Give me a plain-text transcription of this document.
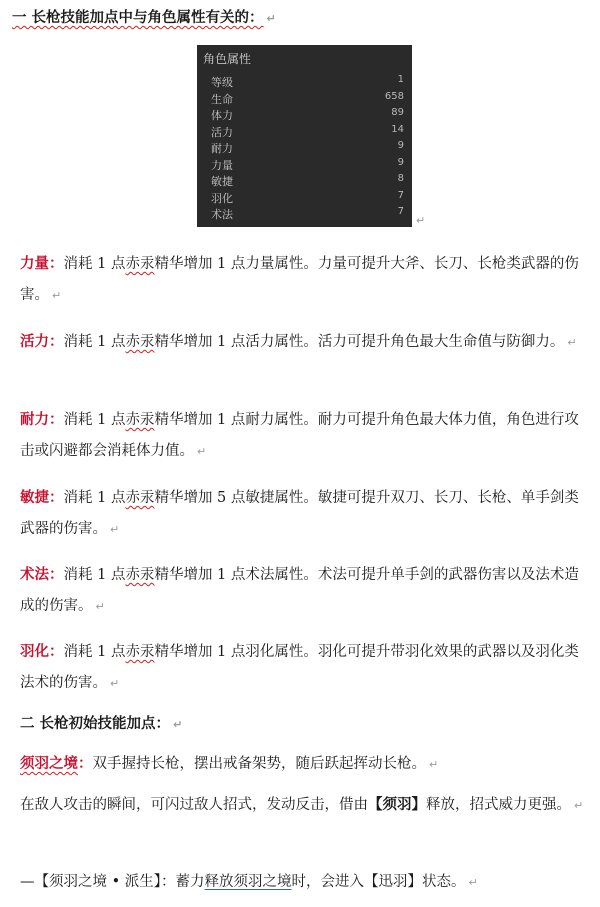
一 长枪技能加点中与角色属性有关的： ↵
角色属性
等级	1
生命	658
体力	89
活力	14
耐力	9
力量	9
敏捷	8
羽化	7
术法	7
↵
力量：消耗 1 点赤汞精华增加 1 点力量属性。力量可提升大斧、长刀、长枪类武器的伤害。 ↵
活力：消耗 1 点赤汞精华增加 1 点活力属性。活力可提升角色最大生命值与防御力。 ↵
耐力：消耗 1 点赤汞精华增加 1 点耐力属性。耐力可提升角色最大体力值，角色进行攻击或闪避都会消耗体力值。 ↵
敏捷：消耗 1 点赤汞精华增加 5 点敏捷属性。敏捷可提升双刀、长刀、长枪、单手剑类武器的伤害。 ↵
术法：消耗 1 点赤汞精华增加 1 点术法属性。术法可提升单手剑的武器伤害以及法术造成的伤害。 ↵
羽化：消耗 1 点赤汞精华增加 1 点羽化属性。羽化可提升带羽化效果的武器以及羽化类法术的伤害。 ↵
二 长枪初始技能加点： ↵
须羽之境：双手握持长枪，摆出戒备架势，随后跃起挥动长枪。 ↵
在敌人攻击的瞬间，可闪过敌人招式，发动反击，借由【须羽】释放，招式威力更强。 ↵
—【须羽之境 • 派生】：蓄力释放须羽之境时，会进入【迅羽】状态。 ↵
